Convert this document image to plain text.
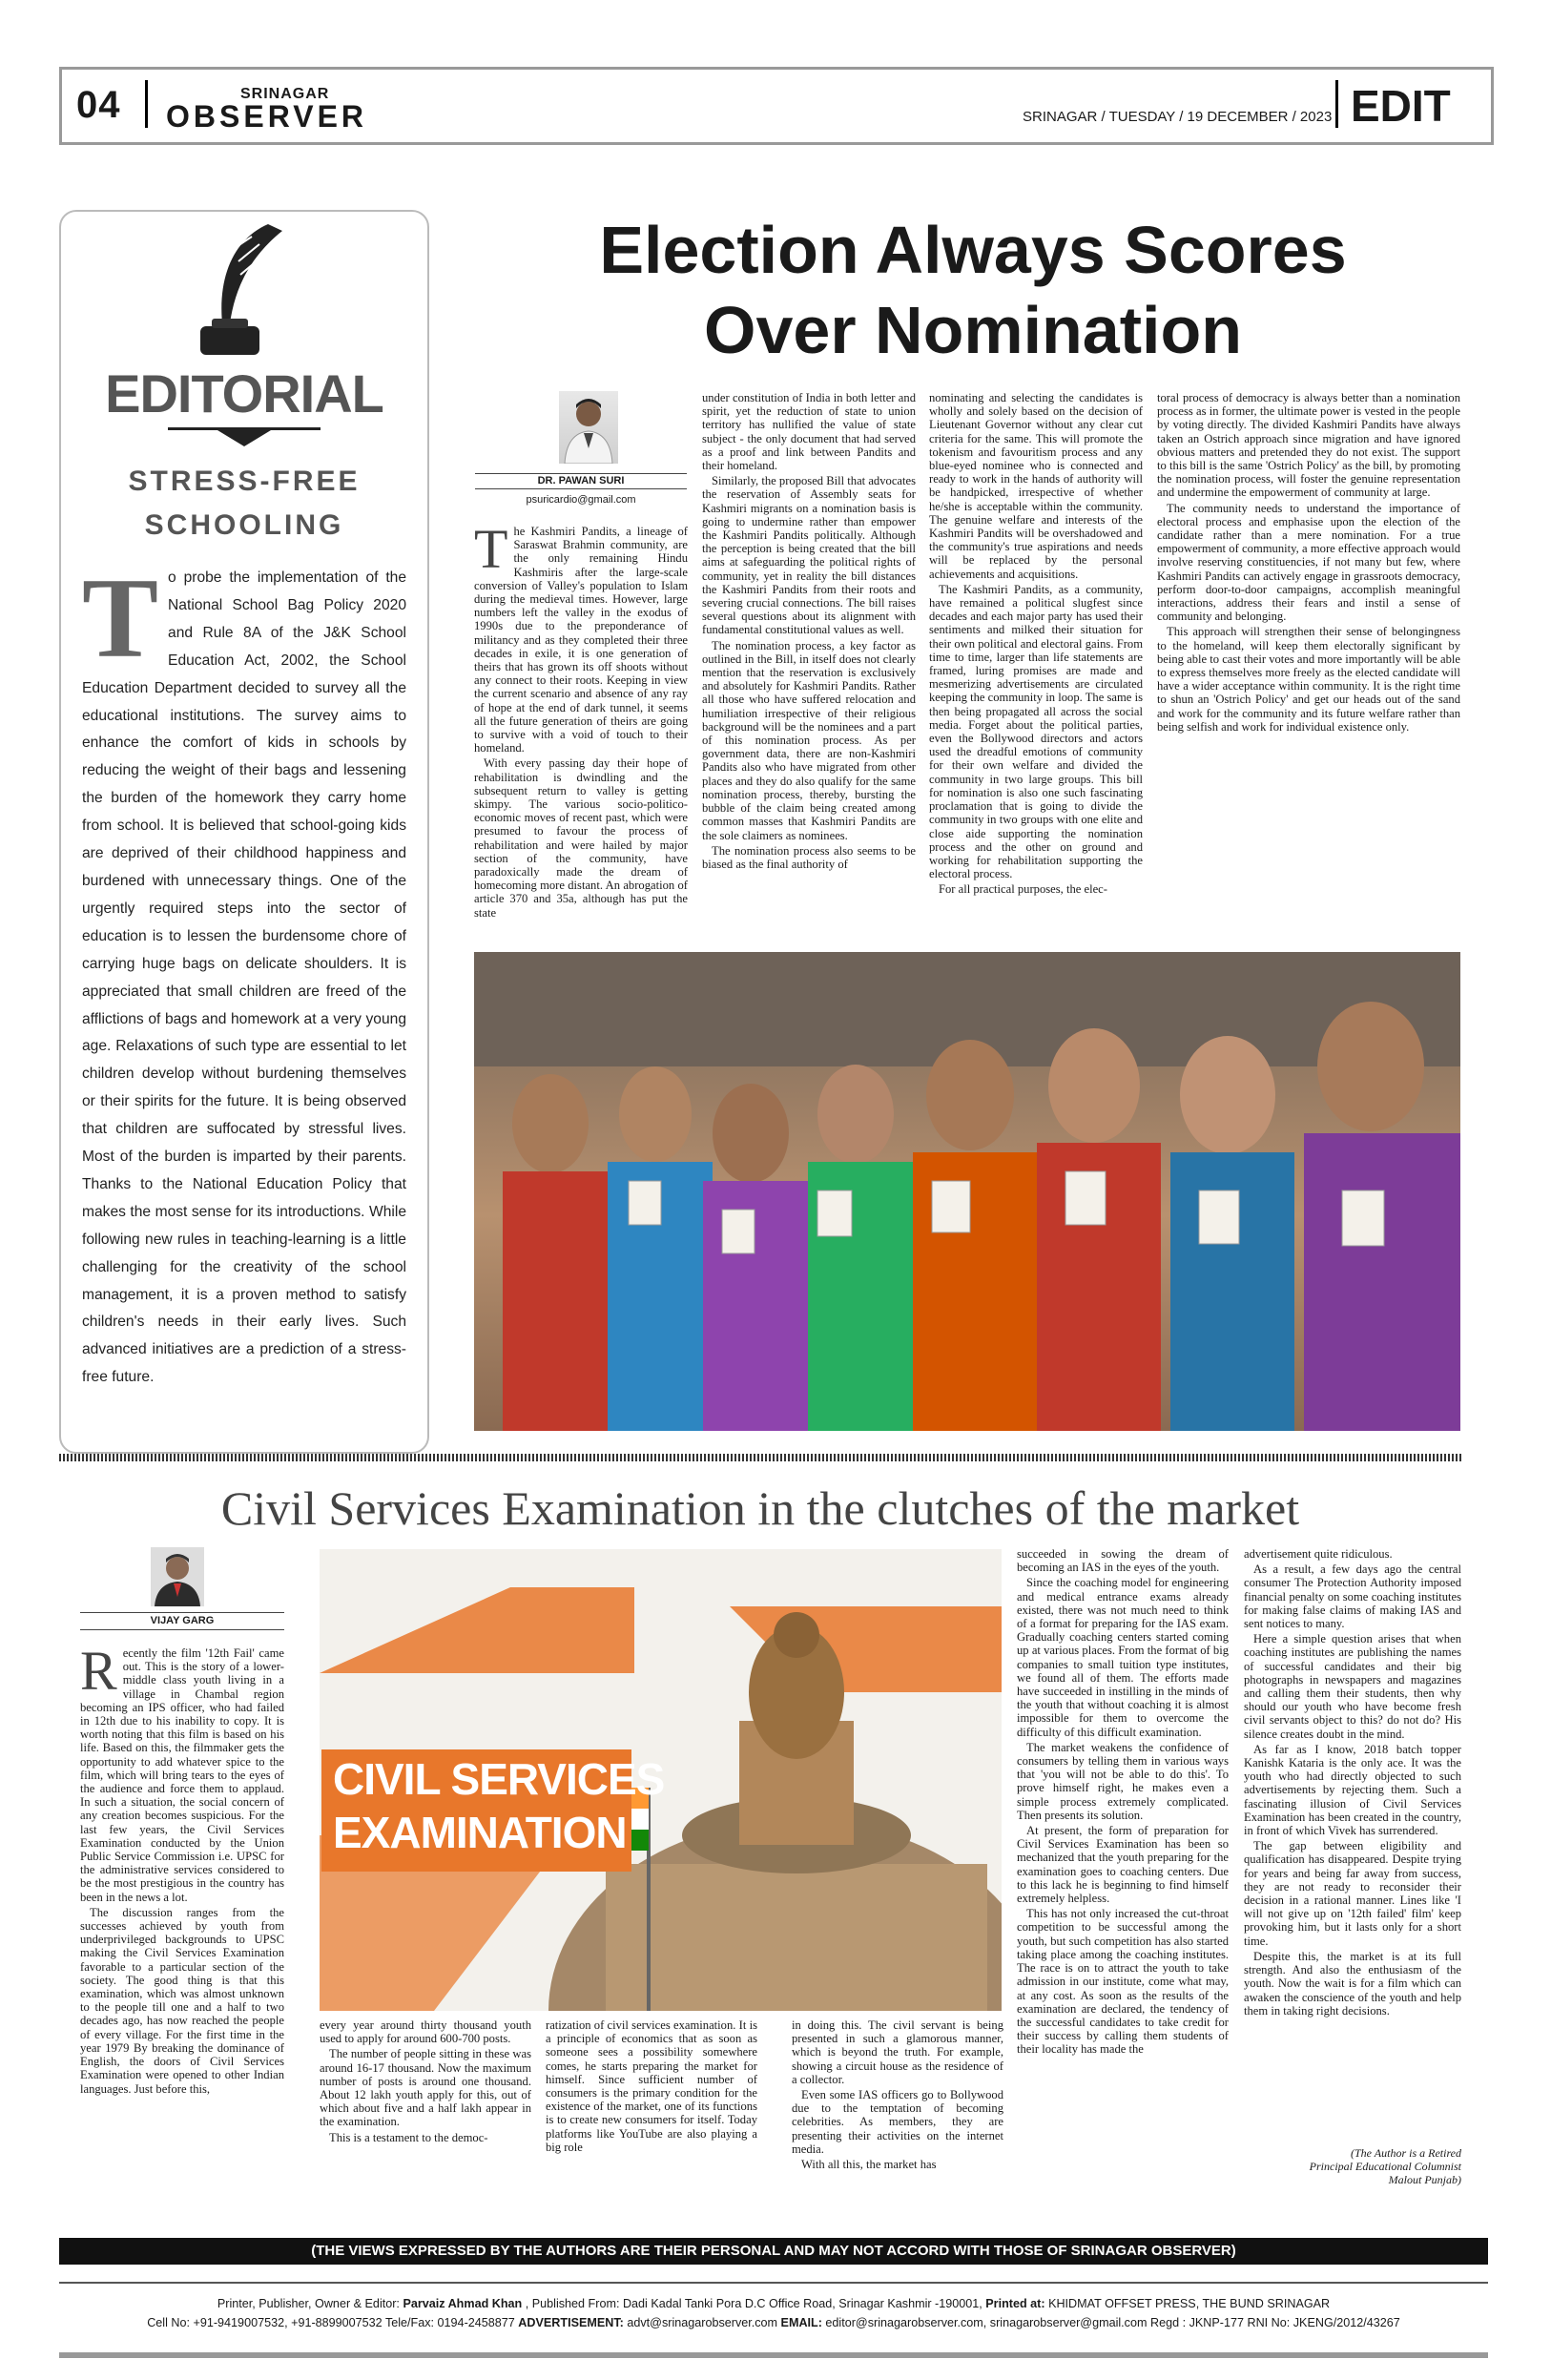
04	SRINAGAR
OBSERVER	SRINAGAR / TUESDAY / 19 DECEMBER / 2023 EDIT
EDITORIAL
STRESS-FREE
SCHOOLING
T o probe the implementation of the National School Bag Policy 2020 and Rule 8A of the J&K School Education Act, 2002, the School Education Department decided to survey all the educational institutions. The survey aims to enhance the comfort of kids in schools by reducing the weight of their bags and lessening the burden of the homework they carry home from school. It is believed that school-going kids are deprived of their childhood happiness and burdened with unnecessary things. One of the urgently required steps into the sector of education is to lessen the burdensome chore of carrying huge bags on delicate shoulders. It is appreciated that small children are freed of the afflictions of bags and homework at a very young age. Relaxations of such type are essential to let children develop without burdening themselves or their spirits for the future. It is being observed that children are suffocated by stressful lives. Most of the burden is imparted by their parents. Thanks to the National Education Policy that makes the most sense for its introductions. While following new rules in teaching-learning is a little challenging for the creativity of the school management, it is a proven method to satisfy children's needs in their early lives. Such advanced initiatives are a prediction of a stress-free future.
Election Always Scores
Over Nomination
DR. PAWAN SURI
psuricardio@gmail.com
T he Kashmiri Pandits, a lineage of Saraswat Brahmin community, are the only remaining Hindu Kashmiris after the large-scale conversion of Valley's population to Islam during the medieval times. However, large numbers left the valley in the exodus of 1990s due to the preponderance of militancy and as they completed their three decades in exile, it is one generation of theirs that has grown its off shoots without any connect to their roots. Keeping in view the current scenario and absence of any ray of hope at the end of dark tunnel, it seems all the future generation of theirs are going to survive with a void of touch to their homeland.

With every passing day their hope of rehabilitation is dwindling and the subsequent return to valley is getting skimpy. The various socio-politico-economic moves of recent past, which were presumed to favour the process of rehabilitation and were hailed by major section of the community, have paradoxically made the dream of homecoming more distant. An abrogation of article 370 and 35a, although has put the state

under constitution of India in both letter and spirit, yet the reduction of state to union territory has nullified the value of state subject - the only document that had served as a proof and link between Pandits and their homeland.

Similarly, the proposed Bill that advocates the reservation of Assembly seats for Kashmiri migrants on a nomination basis is going to undermine rather than empower the Kashmiri Pandits politically. Although the perception is being created that the bill aims at safeguarding the political rights of community, yet in reality the bill distances the Kashmiri Pandits from their roots and severing crucial connections. The bill raises several questions about its alignment with fundamental constitutional values as well.

The nomination process, a key factor as outlined in the Bill, in itself does not clearly mention that the reservation is exclusively and absolutely for Kashmiri Pandits. Rather all those who have suffered relocation and humiliation irrespective of their religious background will be the nominees and a part of this nomination process. As per government data, there are non-Kashmiri Pandits also who have migrated from other places and they do also qualify for the same nomination process, thereby, bursting the bubble of the claim being created among common masses that Kashmiri Pandits are the sole claimers as nominees.

The nomination process also seems to be biased as the final authority of

nominating and selecting the candidates is wholly and solely based on the decision of Lieutenant Governor without any clear cut criteria for the same. This will promote the tokenism and favouritism process and any blue-eyed nominee who is connected and ready to work in the hands of authority will be handpicked, irrespective of whether he/she is acceptable within the community. The genuine welfare and interests of the Kashmiri Pandits will be overshadowed and the community's true aspirations and needs will be replaced by the personal achievements and acquisitions.

The Kashmiri Pandits, as a community, have remained a political slugfest since decades and each major party has used their sentiments and milked their situation for their own political and electoral gains. From time to time, larger than life statements are framed, luring promises are made and mesmerizing advertisements are circulated keeping the community in loop. The same is then being propagated all across the social media. Forget about the political parties, even the Bollywood directors and actors used the dreadful emotions of community for their own welfare and divided the community in two large groups. This bill for nomination is also one such fascinating proclamation that is going to divide the community in two groups with one elite and close aide supporting the nomination process and the other on ground and working for rehabilitation supporting the electoral process.

For all practical purposes, the elec-

toral process of democracy is always better than a nomination process as in former, the ultimate power is vested in the people by voting directly. The divided Kashmiri Pandits have always taken an Ostrich approach since migration and have ignored obvious matters and pretended they do not exist. The support to this bill is the same 'Ostrich Policy' as the bill, by promoting the nomination process, will foster the genuine representation and undermine the empowerment of community at large.

The community needs to understand the importance of electoral process and emphasise upon the election of the candidate rather than a mere nomination. For a true empowerment of community, a more effective approach would involve reserving constituencies, if not many but few, where Kashmiri Pandits can actively engage in grassroots democracy, perform door-to-door campaigns, accomplish meaningful interactions, address their fears and instil a sense of community and belonging.

This approach will strengthen their sense of belongingness to the homeland, will keep them electorally significant by being able to cast their votes and more importantly will be able to express themselves more freely as the elected candidate will have a wider acceptance within community. It is the right time to shun an 'Ostrich Policy' and get our heads out of the sand and work for the community and its future welfare rather than being selfish and work for individual existence only.

Civil Services Examination in the clutches of the market
VIJAY GARG
R ecently the film '12th Fail' came out. This is the story of a lower-middle class youth living in a village in Chambal region becoming an IPS officer, who had failed in 12th due to his inability to copy. It is worth noting that this film is based on his life. Based on this, the filmmaker gets the opportunity to add whatever spice to the film, which will bring tears to the eyes of the audience and force them to applaud. In such a situation, the social concern of any creation becomes suspicious. For the last few years, the Civil Services Examination conducted by the Union Public Service Commission i.e. UPSC for the administrative services considered to be the most prestigious in the country has been in the news a lot.

The discussion ranges from the successes achieved by youth from underprivileged backgrounds to UPSC making the Civil Services Examination favorable to a particular section of the society. The good thing is that this examination, which was almost unknown to the people till one and a half to two decades ago, has now reached the people of every village. For the first time in the year 1979 By breaking the dominance of English, the doors of Civil Services Examination were opened to other Indian languages. Just before this,

CIVIL SERVICES
EXAMINATION

every year around thirty thousand youth used to apply for around 600-700 posts.

The number of people sitting in these was around 16-17 thousand. Now the maximum number of posts is around one thousand. About 12 lakh youth apply for this, out of which about five and a half lakh appear in the examination.

This is a testament to the democ-

ratization of civil services examination. It is a principle of economics that as soon as someone sees a possibility somewhere comes, he starts preparing the market for himself. Since sufficient number of consumers is the primary condition for the existence of the market, one of its functions is to create new consumers for itself. Today platforms like YouTube are also playing a big role

in doing this. The civil servant is being presented in such a glamorous manner, which is beyond the truth. For example, showing a circuit house as the residence of a collector.

Even some IAS officers go to Bollywood due to the temptation of becoming celebrities. As members, they are presenting their activities on the internet media.

With all this, the market has

succeeded in sowing the dream of becoming an IAS in the eyes of the youth.

Since the coaching model for engineering and medical entrance exams already existed, there was not much need to think of a format for preparing for the IAS exam. Gradually coaching centers started coming up at various places. From the format of big companies to small tuition type institutes, we found all of them. The efforts made have succeeded in instilling in the minds of the youth that without coaching it is almost impossible for them to overcome the difficulty of this difficult examination.

The market weakens the confidence of consumers by telling them in various ways that 'you will not be able to do this'. To prove himself right, he makes even a simple process extremely complicated. Then presents its solution.

At present, the form of preparation for Civil Services Examination has been so mechanized that the youth preparing for the examination goes to coaching centers. Due to this lack he is beginning to find himself extremely helpless.

This has not only increased the cut-throat competition to be successful among the youth, but such competition has also started taking place among the coaching institutes. The race is on to attract the youth to take admission in our institute, come what may, at any cost. As soon as the results of the examination are declared, the tendency of the successful candidates to take credit for their success by calling them students of their locality has made the

advertisement quite ridiculous.

As a result, a few days ago the central consumer The Protection Authority imposed financial penalty on some coaching institutes for making false claims of making IAS and sent notices to many.

Here a simple question arises that when coaching institutes are publishing the names of successful candidates and their big photographs in newspapers and magazines and calling them their students, then why should our youth who have become fresh civil servants object to this? do not do? His silence creates doubt in the mind.

As far as I know, 2018 batch topper Kanishk Kataria is the only ace. It was the youth who had directly objected to such advertisements by rejecting them. Such a fascinating illusion of Civil Services Examination has been created in the country, in front of which Vivek has surrendered.

The gap between eligibility and qualification has disappeared. Despite trying for years and being far away from success, they are not ready to reconsider their decision in a rational manner. Lines like 'I will not give up on '12th failed' film' keep provoking him, but it lasts only for a short time.

Despite this, the market is at its full strength. And also the enthusiasm of the youth. Now the wait is for a film which can awaken the conscience of the youth and help them in taking right decisions.

(The Author is a Retired
Principal Educational Columnist
Malout Punjab)
(THE VIEWS EXPRESSED BY THE AUTHORS ARE THEIR PERSONAL AND MAY NOT ACCORD WITH THOSE OF SRINAGAR OBSERVER)
Printer, Publisher, Owner & Editor: Parvaiz Ahmad Khan , Published From: Dadi Kadal Tanki Pora D.C Office Road, Srinagar Kashmir -190001, Printed at: KHIDMAT OFFSET PRESS, THE BUND SRINAGAR
Cell No: +91-9419007532, +91-8899007532 Tele/Fax: 0194-2458877 ADVERTISEMENT: advt@srinagarobserver.com EMAIL: editor@srinagarobserver.com, srinagarobserver@gmail.com Regd : JKNP-177 RNI No: JKENG/2012/43267
